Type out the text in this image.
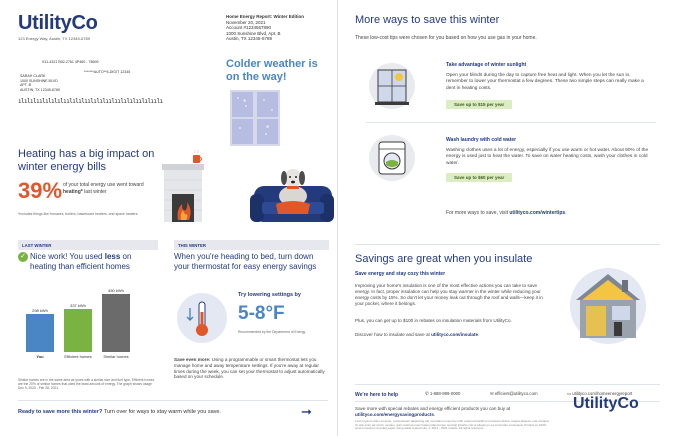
UtilityCo
123 Energy Way, Austin, TX 12345-6789
Home Energy Report: Winter Edition
November 20, 2021
Account #1234567890
1000 Sunshine Blvd, Apt. B
Austin, TX 12345-6789
S11-4321 B02-2761 4P460 - 78699
*******AUTO**5-DIGIT 12345
SARAH CLARK
1000 SUNSHINE BLVD
APT. B
AUSTIN, TX 12345-6789
ılılılıılılılılıılılılıılılılıılıılılılıılılıılı
Colder weather is on the way!
❄
❄
Heating has a big impact on winter energy bills
39% of your total energy use went toward heating* last winter
*Includes things like furnaces, boilers, baseboard heaters, and space heaters.
LAST WINTER
✓ Nice work! You used less on heating than efficient homes
298 kWh
You
337 kWh
Efficient homes
450 kWh
Similar homes
Similar homes are in the same area as yours with a similar size and fuel type. Efficient homes are the 20% of similar homes that used the least amount of energy. The graph shows usage Dec 9, 2020 - Feb 28, 2021.
THIS WINTER
When you're heading to bed, turn down your thermostat for easy energy savings
Try lowering settings by
5-8°F
Recommended by the Department of Energy
Save even more: Using a programmable or smart thermostat lets you manage home and away temperature settings. If you're away at regular times during the week, you can set your thermostat to adjust automatically based on your schedule.
Ready to save more this winter? Turn over for ways to stay warm while you save.	➞
More ways to save this winter
These low-cost tips were chosen for you based on how you use gas in your home.
Take advantage of winter sunlight
Open your blinds during the day to capture free heat and light. When you let the sun in, remember to lower your thermostat a few degrees. These two simple steps can really make a dent in heating costs.
Save up to $15 per year
Wash laundry with cold water
Washing clothes uses a lot of energy, especially if you use warm or hot water. About 90% of the energy is used just to heat the water. To save on water heating costs, wash your clothes in cold water.
Save up to $60 per year
For more ways to save, visit utilityco.com/wintertips.
Savings are great when you insulate
Save energy and stay cozy this winter
Improving your home's insulation is one of the most effective actions you can take to save energy. In fact, proper insulation can help you stay warmer in the winter while reducing your energy costs by 15%. So don't let your money leak out through the roof and walls—keep it in your pocket, where it belongs.
Plus, you can get up to $100 in rebates on insulation materials from UtilityCo.
Discover how to insulate and save at utilityco.com/insulate.
We're here to help	✆ 1-888-999-0000	✉ efficient@utilityco.com	▭ utilityco.com/homeenergyreport
Save more with special rebates and energy efficient products you can buy at utilityco.com/energysavingproducts.
Lorem ipsum dolor sit amet, consectetuer adipiscing elit, sed diam nonummy nibh euismod tincidunt ut laoreet dolore magna aliquam erat volutpat. Ut wisi enim ad minim veniam, quis nostrud exerci tation ullamcorper suscipit lobortis nisl ut aliquip ex ea commodo consequat. Printed on 100% post-consumer recycled paper using water-based inks. © 2012 - 2021 Oracle. All rights reserved.
UtilityCo
